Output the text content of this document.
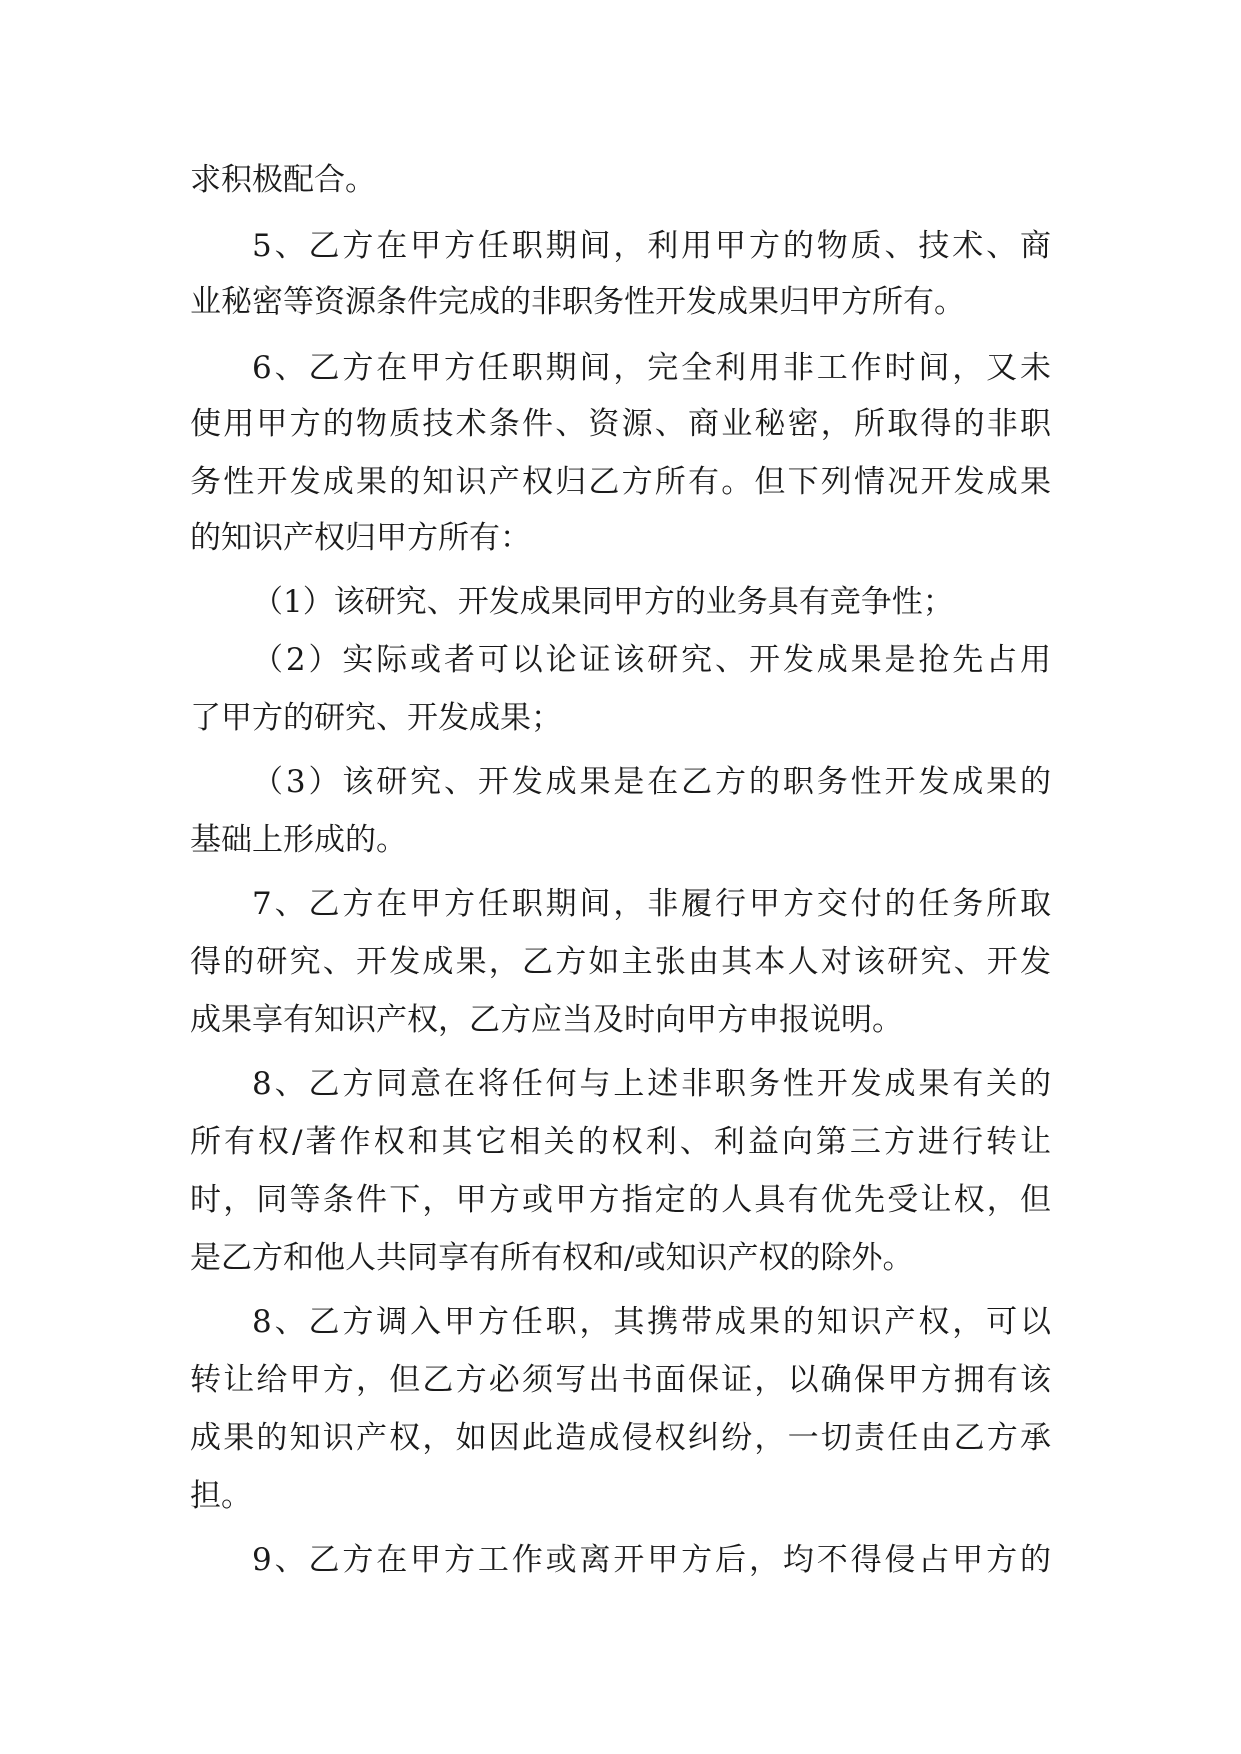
求积极配合。
5、乙方在甲方任职期间，利用甲方的物质、技术、商
业秘密等资源条件完成的非职务性开发成果归甲方所有。
6、乙方在甲方任职期间，完全利用非工作时间，又未
使用甲方的物质技术条件、资源、商业秘密，所取得的非职
务性开发成果的知识产权归乙方所有。但下列情况开发成果
的知识产权归甲方所有：
（1）该研究、开发成果同甲方的业务具有竞争性；
（2）实际或者可以论证该研究、开发成果是抢先占用
了甲方的研究、开发成果；
（3）该研究、开发成果是在乙方的职务性开发成果的
基础上形成的。
7、乙方在甲方任职期间，非履行甲方交付的任务所取
得的研究、开发成果，乙方如主张由其本人对该研究、开发
成果享有知识产权，乙方应当及时向甲方申报说明。
8、乙方同意在将任何与上述非职务性开发成果有关的
所有权/著作权和其它相关的权利、利益向第三方进行转让
时，同等条件下，甲方或甲方指定的人具有优先受让权，但
是乙方和他人共同享有所有权和/或知识产权的除外。
8、乙方调入甲方任职，其携带成果的知识产权，可以
转让给甲方，但乙方必须写出书面保证，以确保甲方拥有该
成果的知识产权，如因此造成侵权纠纷，一切责任由乙方承
担。
9、乙方在甲方工作或离开甲方后，均不得侵占甲方的
